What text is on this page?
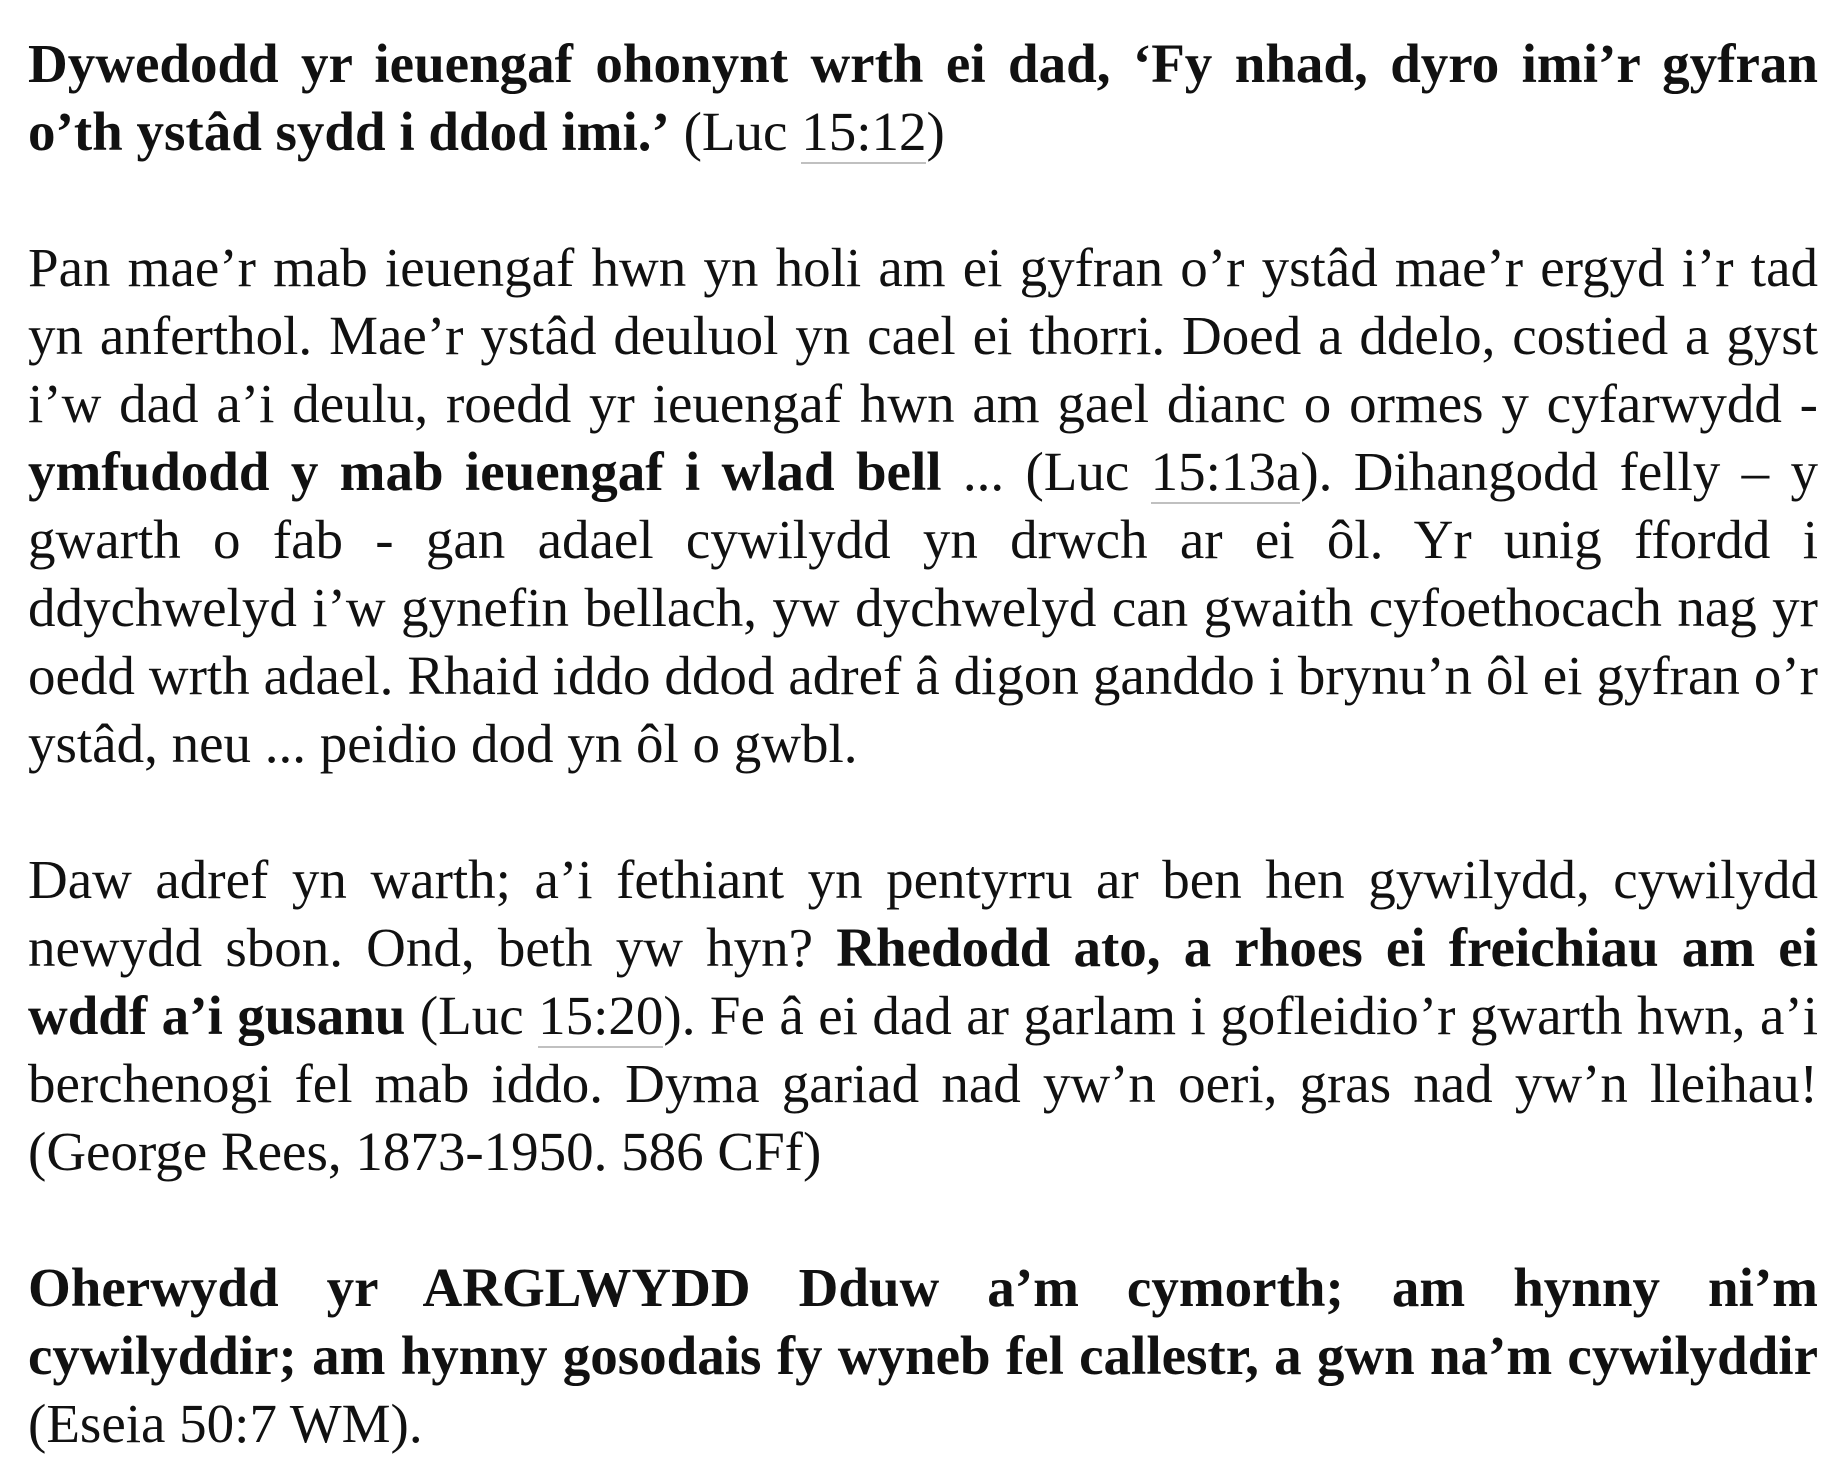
Dywedodd yr ieuengaf ohonynt wrth ei dad, ‘Fy nhad, dyro imi’r gyfran o’th ystâd sydd i ddod imi.’ (Luc 15:12)

Pan mae’r mab ieuengaf hwn yn holi am ei gyfran o’r ystâd mae’r ergyd i’r tad yn anferthol. Mae’r ystâd deuluol yn cael ei thorri. Doed a ddelo, costied a gyst i’w dad a’i deulu, roedd yr ieuengaf hwn am gael dianc o ormes y cyfarwydd - ymfudodd y mab ieuengaf i wlad bell ... (Luc 15:13a). Dihangodd felly – y gwarth o fab - gan adael cywilydd yn drwch ar ei ôl. Yr unig ffordd i ddychwelyd i’w gynefin bellach, yw dychwelyd can gwaith cyfoethocach nag yr oedd wrth adael. Rhaid iddo ddod adref â digon ganddo i brynu’n ôl ei gyfran o’r ystâd, neu ... peidio dod yn ôl o gwbl.

Daw adref yn warth; a’i fethiant yn pentyrru ar ben hen gywilydd, cywilydd newydd sbon. Ond, beth yw hyn? Rhedodd ato, a rhoes ei freichiau am ei wddf a’i gusanu (Luc 15:20). Fe â ei dad ar garlam i gofleidio’r gwarth hwn, a’i berchenogi fel mab iddo. Dyma gariad nad yw’n oeri, gras nad yw’n lleihau! (George Rees, 1873-1950. 586 CFf)

Oherwydd yr ARGLWYDD Dduw a’m cymorth; am hynny ni’m cywilyddir; am hynny gosodais fy wyneb fel callestr, a gwn na’m cywilyddir (Eseia 50:7 WM).
